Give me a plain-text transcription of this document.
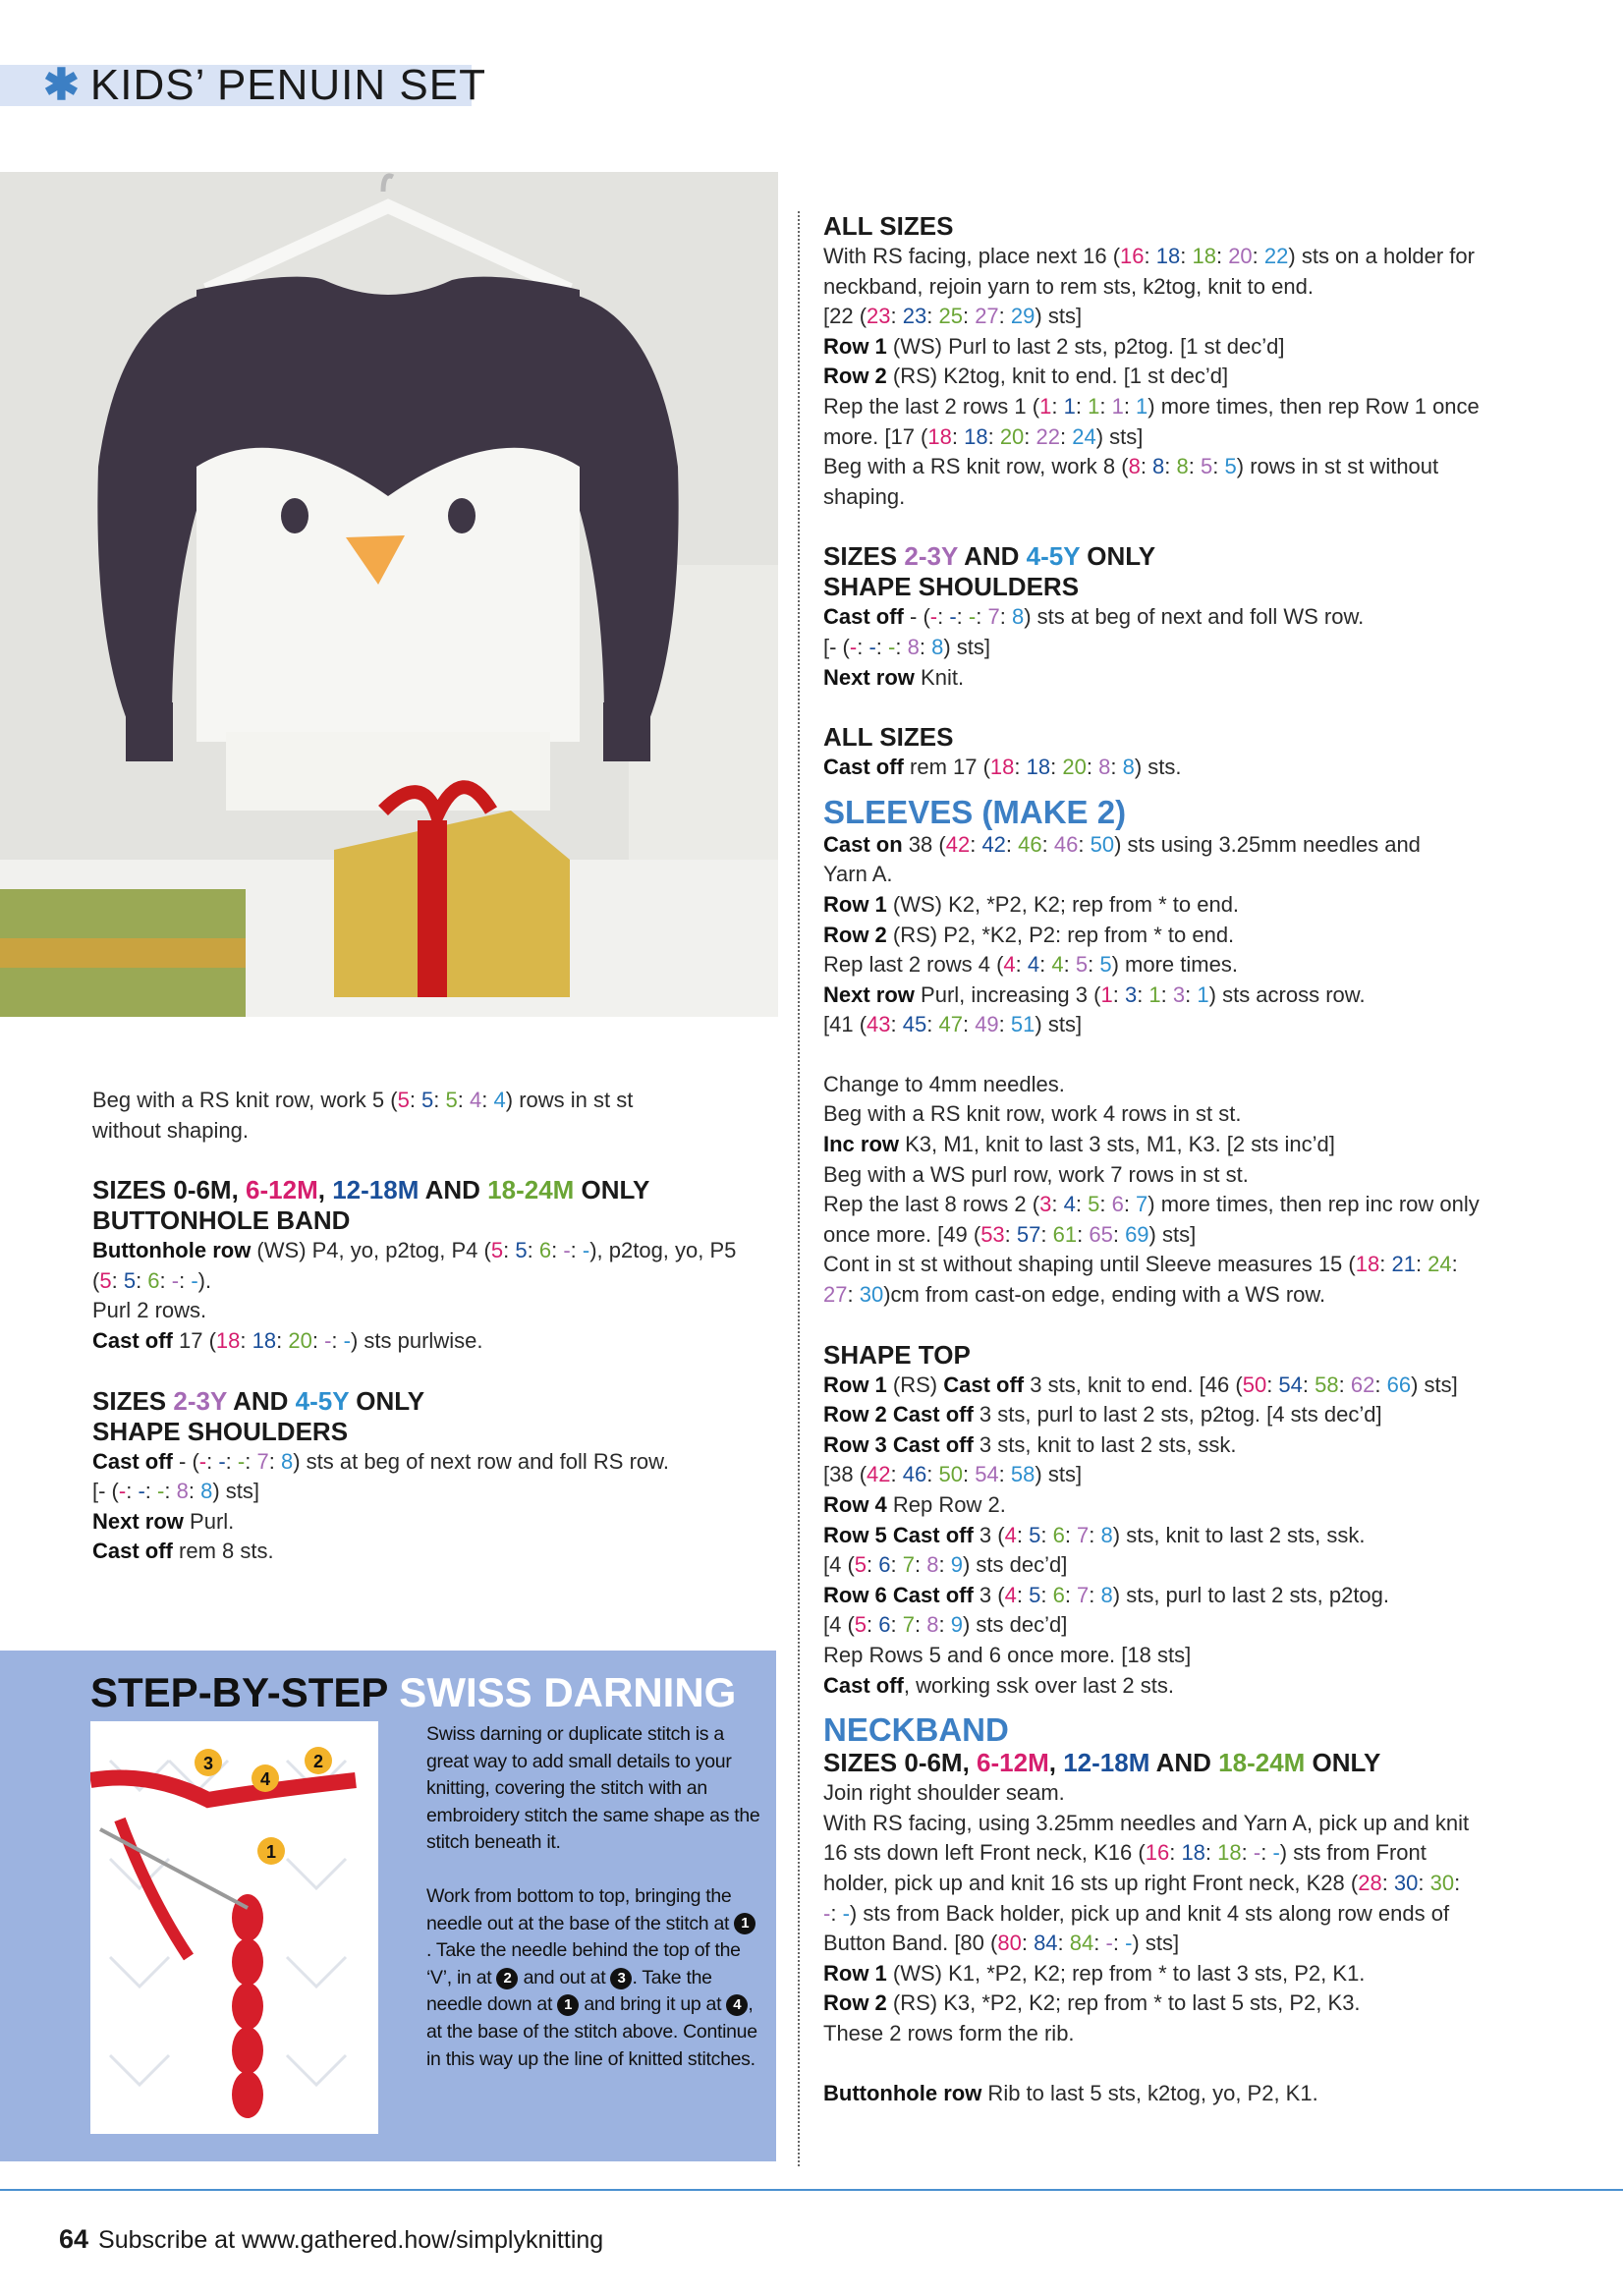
✱ KIDS’ PENUIN SET

Beg with a RS knit row, work 5 (5: 5: 5: 4: 4) rows in st st

without shaping.

SIZES 0-6M, 6-12M, 12-18M AND 18-24M ONLY
BUTTONHOLE BAND

Buttonhole row (WS) P4, yo, p2tog, P4 (5: 5: 6: -: -), p2tog, yo, P5

(5: 5: 6: -: -).

Purl 2 rows.

Cast off 17 (18: 18: 20: -: -) sts purlwise.

SIZES 2-3Y AND 4-5Y ONLY
SHAPE SHOULDERS

Cast off - (-: -: -: 7: 8) sts at beg of next row and foll RS row.

[- (-: -: -: 8: 8) sts]

Next row Purl.

Cast off rem 8 sts.

ALL SIZES

With RS facing, place next 16 (16: 18: 18: 20: 22) sts on a holder for

neckband, rejoin yarn to rem sts, k2tog, knit to end.

[22 (23: 23: 25: 27: 29) sts]

Row 1 (WS) Purl to last 2 sts, p2tog. [1 st dec’d]

Row 2 (RS) K2tog, knit to end. [1 st dec’d]

Rep the last 2 rows 1 (1: 1: 1: 1: 1) more times, then rep Row 1 once

more. [17 (18: 18: 20: 22: 24) sts]

Beg with a RS knit row, work 8 (8: 8: 8: 5: 5) rows in st st without

shaping.

SIZES 2-3Y AND 4-5Y ONLY
SHAPE SHOULDERS

Cast off - (-: -: -: 7: 8) sts at beg of next and foll WS row.

[- (-: -: -: 8: 8) sts]

Next row Knit.

ALL SIZES

Cast off rem 17 (18: 18: 20: 8: 8) sts.

SLEEVES (MAKE 2)

Cast on 38 (42: 42: 46: 46: 50) sts using 3.25mm needles and

Yarn A.

Row 1 (WS) K2, *P2, K2; rep from * to end.

Row 2 (RS) P2, *K2, P2: rep from * to end.

Rep last 2 rows 4 (4: 4: 4: 5: 5) more times.

Next row Purl, increasing 3 (1: 3: 1: 3: 1) sts across row.

[41 (43: 45: 47: 49: 51) sts]

Change to 4mm needles.

Beg with a RS knit row, work 4 rows in st st.

Inc row K3, M1, knit to last 3 sts, M1, K3. [2 sts inc’d]

Beg with a WS purl row, work 7 rows in st st.

Rep the last 8 rows 2 (3: 4: 5: 6: 7) more times, then rep inc row only

once more. [49 (53: 57: 61: 65: 69) sts]

Cont in st st without shaping until Sleeve measures 15 (18: 21: 24:

27: 30)cm from cast-on edge, ending with a WS row.

SHAPE TOP

Row 1 (RS) Cast off 3 sts, knit to end. [46 (50: 54: 58: 62: 66) sts]

Row 2 Cast off 3 sts, purl to last 2 sts, p2tog. [4 sts dec’d]

Row 3 Cast off 3 sts, knit to last 2 sts, ssk.

[38 (42: 46: 50: 54: 58) sts]

Row 4 Rep Row 2.

Row 5 Cast off 3 (4: 5: 6: 7: 8) sts, knit to last 2 sts, ssk.

[4 (5: 6: 7: 8: 9) sts dec’d]

Row 6 Cast off 3 (4: 5: 6: 7: 8) sts, purl to last 2 sts, p2tog.

[4 (5: 6: 7: 8: 9) sts dec’d]

Rep Rows 5 and 6 once more. [18 sts]

Cast off, working ssk over last 2 sts.

NECKBAND
SIZES 0-6M, 6-12M, 12-18M AND 18-24M ONLY

Join right shoulder seam.

With RS facing, using 3.25mm needles and Yarn A, pick up and knit

16 sts down left Front neck, K16 (16: 18: 18: -: -) sts from Front

holder, pick up and knit 16 sts up right Front neck, K28 (28: 30: 30:

-: -) sts from Back holder, pick up and knit 4 sts along row ends of

Button Band. [80 (80: 84: 84: -: -) sts]

Row 1 (WS) K1, *P2, K2; rep from * to last 3 sts, P2, K1.

Row 2 (RS) K3, *P2, K2; rep from * to last 5 sts, P2, K3.

These 2 rows form the rib.

Buttonhole row Rib to last 5 sts, k2tog, yo, P2, K1.

STEP-BY-STEP SWISS DARNING
3	2
4
1

Swiss darning or duplicate stitch is a great way to add small details to your knitting, covering the stitch with an embroidery stitch the same shape as the stitch beneath it.

Work from bottom to top, bringing the needle out at the base of the stitch at 1. Take the needle behind the top of the ‘V’, in at 2 and out at 3 . Take the needle down at 1 and bring it up at 4 , at the base of the stitch above. Continue in this way up the line of knitted stitches.

64 Subscribe at www.gathered.how/simplyknitting
